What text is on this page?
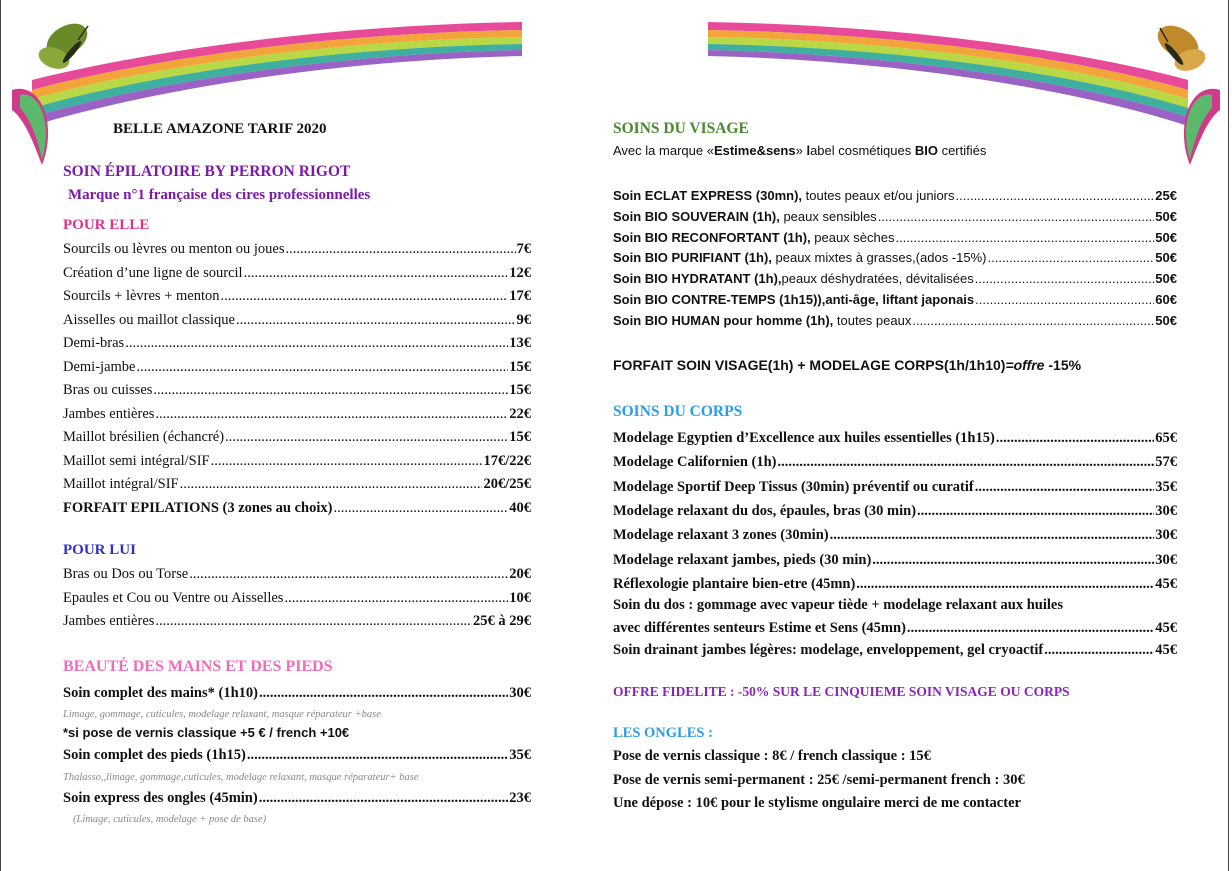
BELLE AMAZONE TARIF 2020
SOIN ÉPILATOIRE BY PERRON RIGOT
Marque n°1 française des cires professionnelles
POUR ELLE
Sourcils ou lèvres ou menton ou joues .....	7€
Création d’une ligne de sourcil .....	12€
Sourcils + lèvres + menton .....	17€
Aisselles ou maillot classique .....	9€
Demi-bras .....	13€
Demi-jambe .....	15€
Bras ou cuisses .....	15€
Jambes entières .....	22€
Maillot brésilien (échancré) .....	15€
Maillot semi intégral/SIF .....	17€/22€
Maillot intégral/SIF .....	20€/25€
FORFAIT EPILATIONS (3 zones au choix) .....	40€
POUR LUI
Bras ou Dos ou Torse .....	20€
Epaules et Cou ou Ventre ou Aisselles .....	10€
Jambes entières .....	25€ à 29€
BEAUTÉ DES MAINS ET DES PIEDS
Soin complet des mains* (1h10) .....	30€
Limage, gommage, cuticules, modelage relaxant, masque réparateur +base
*si pose de vernis classique +5 € / french +10€
Soin complet des pieds (1h15) .....	35€
Thalasso,,limage, gommage,cuticules, modelage relaxant, masque réparateur+ base
Soin express des ongles (45min) .....	23€
(Limage, cuticules, modelage + pose de base)
SOINS DU VISAGE
Avec la marque «Estime&sens» label cosmétiques BIO certifiés
Soin ECLAT EXPRESS (30mn), toutes peaux et/ou juniors .....	25€
Soin BIO SOUVERAIN (1h), peaux sensibles .....	50€
Soin BIO RECONFORTANT (1h), peaux sèches .....	50€
Soin BIO PURIFIANT (1h), peaux mixtes à grasses,(ados -15%) .....	50€
Soin BIO HYDRATANT (1h),peaux déshydratées, dévitalisées .....	50€
Soin BIO CONTRE-TEMPS (1h15)),anti-âge, liftant japonais .....	60€
Soin BIO HUMAN pour homme (1h), toutes peaux .....	50€
FORFAIT SOIN VISAGE(1h) + MODELAGE CORPS(1h/1h10)=offre -15%
SOINS DU CORPS
Modelage Egyptien d’Excellence aux huiles essentielles (1h15) .....	65€
Modelage Californien (1h) .....	57€
Modelage Sportif Deep Tissus (30min) préventif ou curatif .....	35€
Modelage relaxant du dos, épaules, bras (30 min) .....	30€
Modelage relaxant 3 zones (30min) .....	30€
Modelage relaxant jambes, pieds (30 min) .....	30€
Réflexologie plantaire bien-etre (45mn) .....	45€
Soin du dos : gommage avec vapeur tiède + modelage relaxant aux huiles
avec différentes senteurs Estime et Sens (45mn) .....	45€
Soin drainant jambes légères: modelage, enveloppement, gel cryoactif .....	45€
OFFRE FIDELITE : -50% SUR LE CINQUIEME SOIN VISAGE OU CORPS
LES ONGLES :
Pose de vernis classique : 8€ / french classique : 15€
Pose de vernis semi-permanent : 25€ /semi-permanent french : 30€
Une dépose : 10€ pour le stylisme ongulaire merci de me contacter
